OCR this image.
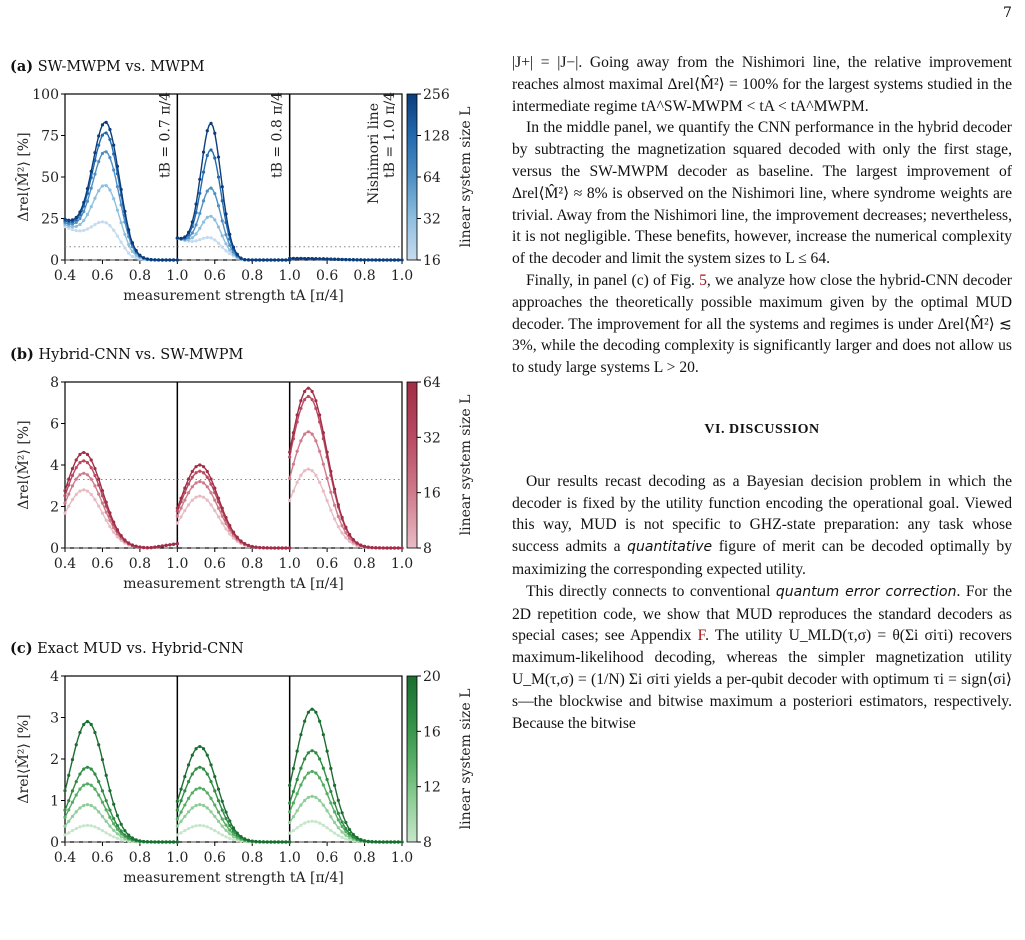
7
(a) SW-MWPM vs. MWPM
100
75
50
25
0
0.4 0.6 0.8 1.0 0.6 0.8 1.0 0.6 0.8 1.0
measurement strength tA [π/4]
Δrel⟨M̂²⟩ [%]
256
128
64
32
16
linear system size L
tB = 0.7 π/4	tB = 0.8 π/4	Nishimori line tB = 1.0 π/4
(b) Hybrid-CNN vs. SW-MWPM
8
6
4
2
0
0.4 0.6 0.8 1.0 0.6 0.8 1.0 0.6 0.8 1.0
measurement strength tA [π/4]
Δrel⟨M̂²⟩ [%]
64
32
16
8
linear system size L
(c) Exact MUD vs. Hybrid-CNN
4
3
2
1
0
0.4 0.6 0.8 1.0 0.6 0.8 1.0 0.6 0.8 1.0
measurement strength tA [π/4]
Δrel⟨M̂²⟩ [%]
20
16
12
8
linear system size L

|J+| = |J−|. Going away from the Nishimori line, the relative improvement reaches almost maximal Δrel⟨M̂²⟩ = 100% for the largest systems studied in the intermediate regime tA^SW-MWPM < tA < tA^MWPM.

In the middle panel, we quantify the CNN performance in the hybrid decoder by subtracting the magnetization squared decoded with only the first stage, versus the SW-MWPM decoder as baseline. The largest improvement of Δrel⟨M̂²⟩ ≈ 8% is observed on the Nishimori line, where syndrome weights are trivial. Away from the Nishimori line, the improvement decreases; nevertheless, it is not negligible. These benefits, however, increase the numerical complexity of the decoder and limit the system sizes to L ≤ 64.

Finally, in panel (c) of Fig. 5, we analyze how close the hybrid-CNN decoder approaches the theoretically possible maximum given by the optimal MUD decoder. The improvement for all the systems and regimes is under Δrel⟨M̂²⟩ ≲ 3%, while the decoding complexity is significantly larger and does not allow us to study large systems L > 20.

VI. DISCUSSION

Our results recast decoding as a Bayesian decision problem in which the decoder is fixed by the utility function encoding the operational goal. Viewed this way, MUD is not specific to GHZ-state preparation: any task whose success admits a quantitative figure of merit can be decoded optimally by maximizing the corresponding expected utility.

This directly connects to conventional quantum error correction. For the 2D repetition code, we show that MUD reproduces the standard decoders as special cases; see Appendix F. The utility U_MLD(τ,σ) = θ(Σi σiτi) recovers maximum-likelihood decoding, whereas the simpler magnetization utility U_M(τ,σ) = (1/N) Σi σiτi yields a per-qubit decoder with optimum τi = sign⟨σi⟩s—the blockwise and bitwise maximum a posteriori estimators, respectively. Because the bitwise
